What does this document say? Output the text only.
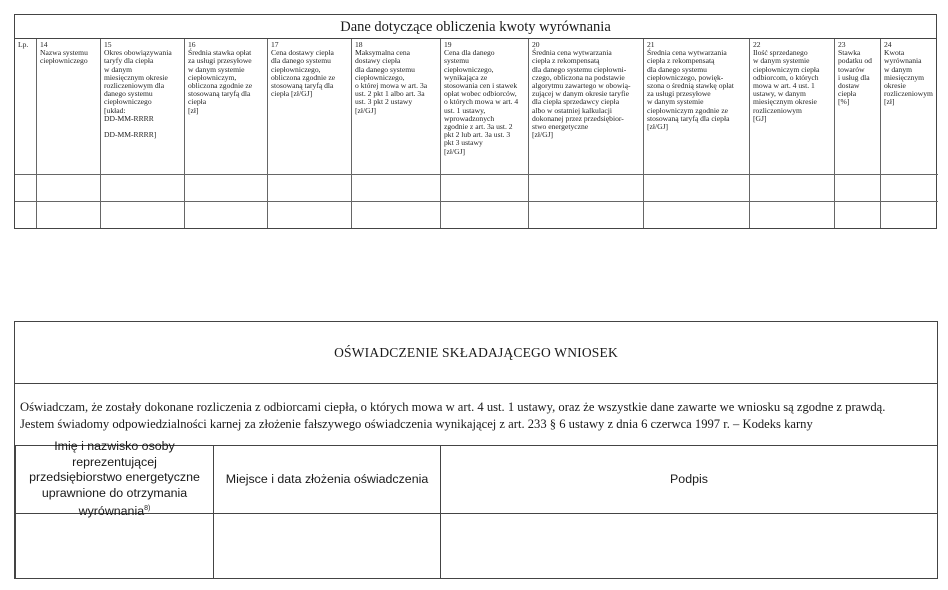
Dane dotyczące obliczenia kwoty wyrównania
Lp.	14
Nazwa systemu ciepłowniczego
15
Okres obowiązywania
taryfy dla ciepła
w danym
miesięcznym okresie
rozliczeniowym dla
danego systemu
ciepłowniczego
[układ:
DD-MM-RRRR

DD-MM-RRRR]
16
Średnia stawka opłat
za usługi przesyłowe
w danym systemie
ciepłowniczym,
obliczona zgodnie ze
stosowaną taryfą dla
ciepła
[zł]
17
Cena dostawy ciepła
dla danego systemu
ciepłowniczego,
obliczona zgodnie ze
stosowaną taryfą dla
ciepła [zł/GJ]
18
Maksymalna cena
dostawy ciepła
dla danego systemu
ciepłowniczego,
o której mowa w art. 3a
ust. 2 pkt 1 albo art. 3a
ust. 3 pkt 2 ustawy
[zł/GJ]
19
Cena dla danego
systemu
ciepłowniczego,
wynikająca ze
stosowania cen i stawek
opłat wobec odbiorców,
o których mowa w art. 4
ust. 1 ustawy,
wprowadzonych
zgodnie z art. 3a ust. 2
pkt 2 lub art. 3a ust. 3
pkt 3 ustawy
[zł/GJ]
20
Średnia cena wytwarzania
ciepła z rekompensatą
dla danego systemu ciepłowni-
czego, obliczona na podstawie
algorytmu zawartego w obowią-
zującej w danym okresie taryfie
dla ciepła sprzedawcy ciepła
albo w ostatniej kalkulacji
dokonanej przez przedsiębior-
stwo energetyczne
[zł/GJ]
21
Średnia cena wytwarzania
ciepła z rekompensatą
dla danego systemu
ciepłowniczego, powięk-
szona o średnią stawkę opłat
za usługi przesyłowe
w danym systemie
ciepłowniczym zgodnie ze
stosowaną taryfą dla ciepła
[zł/GJ]
22
Ilość sprzedanego
w danym systemie
ciepłowniczym ciepła
odbiorcom, o których
mowa w art. 4 ust. 1
ustawy, w danym
miesięcznym okresie
rozliczeniowym
[GJ]
23
Stawka
podatku od
towarów
i usług dla
dostaw
ciepła
[%]
24
Kwota
wyrównania
w danym
miesięcznym
okresie
rozliczeniowym
[zł]
OŚWIADCZENIE SKŁADAJĄCEGO WNIOSEK

Oświadczam, że zostały dokonane rozliczenia z odbiorcami ciepła, o których mowa w art. 4 ust. 1 ustawy, oraz że wszystkie dane zawarte we wniosku są zgodne z prawdą.

Jestem świadomy odpowiedzialności karnej za złożenie fałszywego oświadczenia wynikającej z art. 233 § 6 ustawy z dnia 6 czerwca 1997 r. – Kodeks karny

Imię i nazwisko osoby reprezentującej przedsiębiorstwo energetyczne uprawnione do otrzymania wyrównania$^{8)}$
Miejsce i data złożenia oświadczenia	Podpis
